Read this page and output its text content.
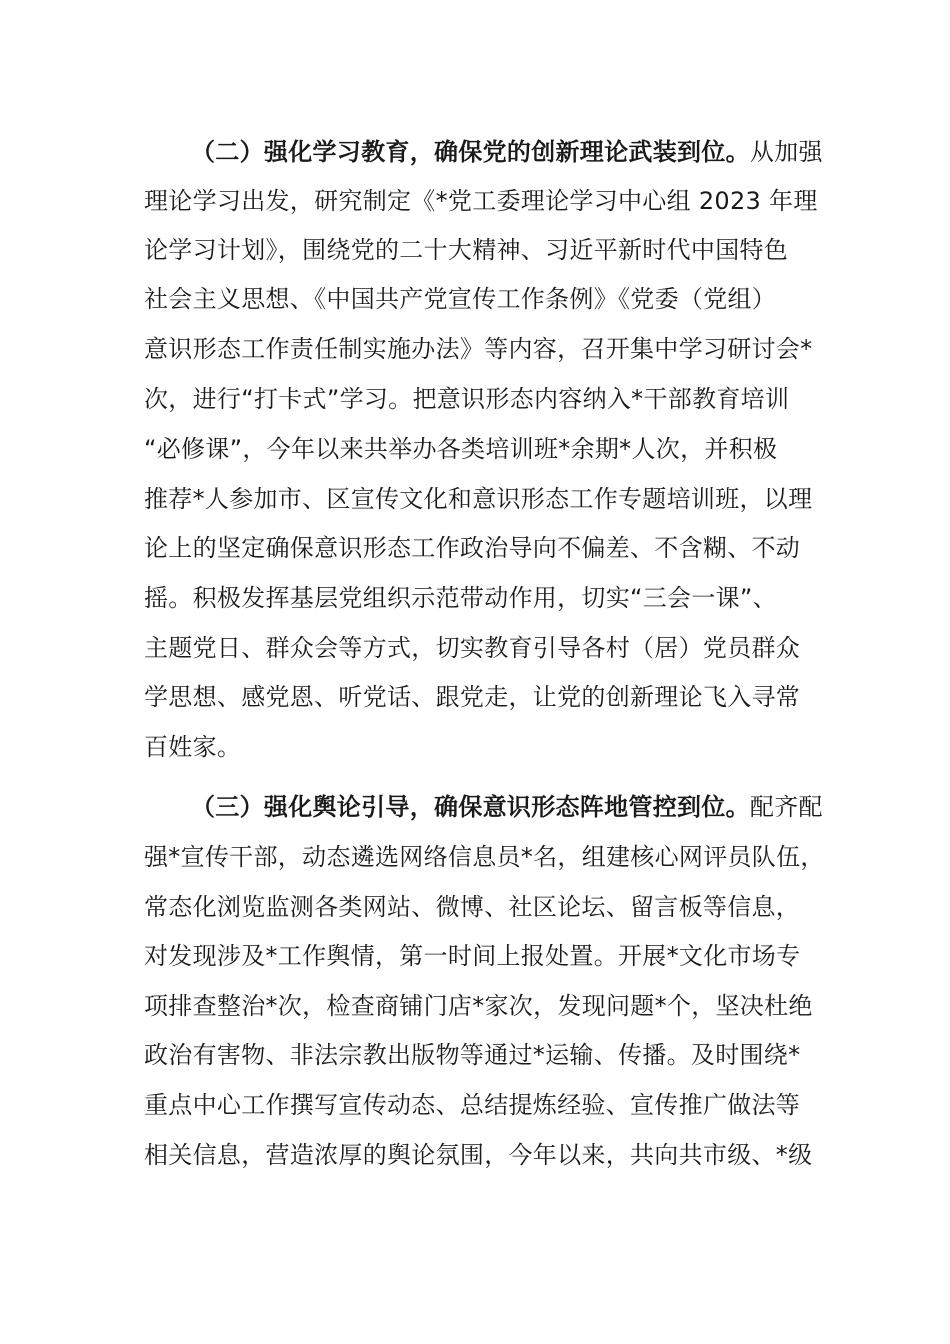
（二）强化学习教育，确保党的创新理论武装到位。从加强
理论学习出发，研究制定《*党工委理论学习中心组 2023 年理
论学习计划》，围绕党的二十大精神、习近平新时代中国特色
社会主义思想、《中国共产党宣传工作条例》《党委（党组）
意识形态工作责任制实施办法》等内容，召开集中学习研讨会*
次，进行“打卡式”学习。把意识形态内容纳入*干部教育培训
“必修课”，今年以来共举办各类培训班*余期*人次，并积极
推荐*人参加市、区宣传文化和意识形态工作专题培训班，以理
论上的坚定确保意识形态工作政治导向不偏差、不含糊、不动
摇。积极发挥基层党组织示范带动作用，切实“三会一课”、
主题党日、群众会等方式，切实教育引导各村（居）党员群众
学思想、感党恩、听党话、跟党走，让党的创新理论飞入寻常
百姓家。
（三）强化舆论引导，确保意识形态阵地管控到位。配齐配
强*宣传干部，动态遴选网络信息员*名，组建核心网评员队伍，
常态化浏览监测各类网站、微博、社区论坛、留言板等信息，
对发现涉及*工作舆情，第一时间上报处置。开展*文化市场专
项排查整治*次，检查商铺门店*家次，发现问题*个，坚决杜绝
政治有害物、非法宗教出版物等通过*运输、传播。及时围绕*
重点中心工作撰写宣传动态、总结提炼经验、宣传推广做法等
相关信息，营造浓厚的舆论氛围，今年以来，共向共市级、*级
